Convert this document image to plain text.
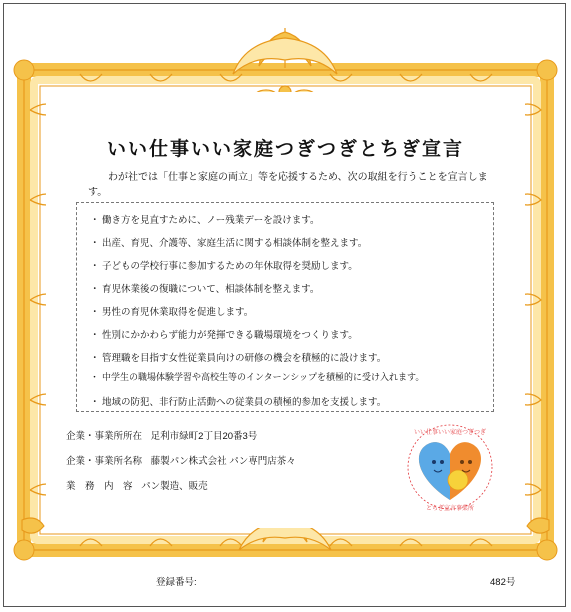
いい仕事いい家庭つぎつぎとちぎ宣言
わが社では「仕事と家庭の両立」等を応援するため、次の取組を行うことを宣言します。
・ 働き方を見直すために、ノー残業デーを設けます。
・ 出産、育児、介護等、家庭生活に関する相談体制を整えます。
・ 子どもの学校行事に参加するための年休取得を奨励します。
・ 育児休業後の復職について、相談体制を整えます。
・ 男性の育児休業取得を促進します。
・ 性別にかかわらず能力が発揮できる職場環境をつくります。
・ 管理職を目指す女性従業員向けの研修の機会を積極的に設けます。
・ 中学生の職場体験学習や高校生等のインターンシップを積極的に受け入れます。
・ 地域の防犯、非行防止活動への従業員の積極的参加を支援します。
企業・事業所所在 足利市緑町2丁目20番3号
企業・事業所名称 藤製パン株式会社 パン専門店茶々
業　務　内　容 パン製造、販売
いい仕事いい家庭つぎつぎ
とちぎ宣言事業所
登録番号:	482号
